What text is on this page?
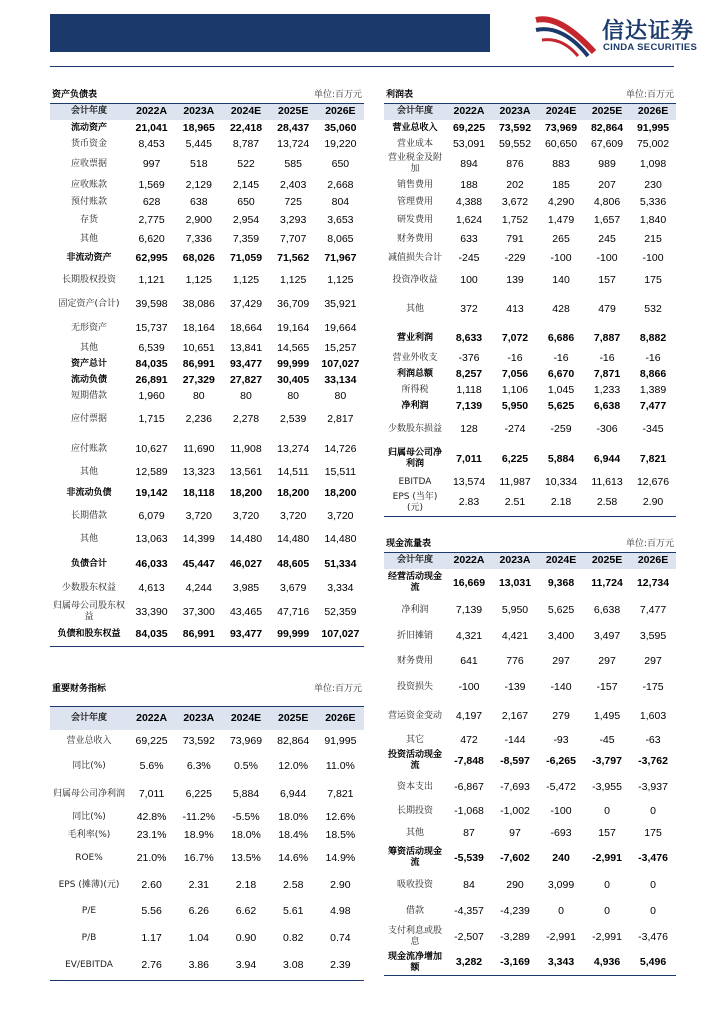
信达证券
CINDA SECURITIES
资产负债表			单位:百万元		
会计年度	2022A	2023A	2024E	2025E	2026E
流动资产	21,041	18,965	22,418	28,437	35,060
货币资金	8,453	5,445	8,787	13,724	19,220
应收票据	997	518	522	585	650
应收账款	1,569	2,129	2,145	2,403	2,668
预付账款	628	638	650	725	804
存货	2,775	2,900	2,954	3,293	3,653
其他	6,620	7,336	7,359	7,707	8,065
非流动资产	62,995	68,026	71,059	71,562	71,967
长期股权投资	1,121	1,125	1,125	1,125	1,125
固定资产(合计)	39,598	38,086	37,429	36,709	35,921
无形资产	15,737	18,164	18,664	19,164	19,664
其他	6,539	10,651	13,841	14,565	15,257
资产总计	84,035	86,991	93,477	99,999	107,027
流动负债	26,891	27,329	27,827	30,405	33,134
短期借款	1,960	80	80	80	80
应付票据	1,715	2,236	2,278	2,539	2,817
应付账款	10,627	11,690	11,908	13,274	14,726
其他	12,589	13,323	13,561	14,511	15,511
非流动负债	19,142	18,118	18,200	18,200	18,200
长期借款	6,079	3,720	3,720	3,720	3,720
其他	13,063	14,399	14,480	14,480	14,480
负债合计	46,033	45,447	46,027	48,605	51,334
少数股东权益	4,613	4,244	3,985	3,679	3,334
归属母公司股东权益	33,390	37,300	43,465	47,716	52,359
负债和股东权益	84,035	86,991	93,477	99,999	107,027
利润表			单位:百万元		
会计年度	2022A	2023A	2024E	2025E	2026E
营业总收入	69,225	73,592	73,969	82,864	91,995
营业成本	53,091	59,552	60,650	67,609	75,002
营业税金及附加	894	876	883	989	1,098
销售费用	188	202	185	207	230
管理费用	4,388	3,672	4,290	4,806	5,336
研发费用	1,624	1,752	1,479	1,657	1,840
财务费用	633	791	265	245	215
减值损失合计	-245	-229	-100	-100	-100
投资净收益	100	139	140	157	175
其他	372	413	428	479	532
营业利润	8,633	7,072	6,686	7,887	8,882
营业外收支	-376	-16	-16	-16	-16
利润总额	8,257	7,056	6,670	7,871	8,866
所得税	1,118	1,106	1,045	1,233	1,389
净利润	7,139	5,950	5,625	6,638	7,477
少数股东损益	128	-274	-259	-306	-345
归属母公司净利润	7,011	6,225	5,884	6,944	7,821
EBITDA	13,574	11,987	10,334	11,613	12,676
EPS (当年)(元)	2.83	2.51	2.18	2.58	2.90
重要财务指标			单位:百万元		
会计年度	2022A	2023A	2024E	2025E	2026E
营业总收入	69,225	73,592	73,969	82,864	91,995
同比(%)	5.6%	6.3%	0.5%	12.0%	11.0%
归属母公司净利润	7,011	6,225	5,884	6,944	7,821
同比(%)	42.8%	-11.2%	-5.5%	18.0%	12.6%
毛利率(%)	23.1%	18.9%	18.0%	18.4%	18.5%
ROE%	21.0%	16.7%	13.5%	14.6%	14.9%
EPS (摊薄)(元)	2.60	2.31	2.18	2.58	2.90
P/E	5.56	6.26	6.62	5.61	4.98
P/B	1.17	1.04	0.90	0.82	0.74
EV/EBITDA	2.76	3.86	3.94	3.08	2.39
现金流量表			单位:百万元		
会计年度	2022A	2023A	2024E	2025E	2026E
经营活动现金流	16,669	13,031	9,368	11,724	12,734
净利润	7,139	5,950	5,625	6,638	7,477
折旧摊销	4,321	4,421	3,400	3,497	3,595
财务费用	641	776	297	297	297
投资损失	-100	-139	-140	-157	-175
营运资金变动	4,197	2,167	279	1,495	1,603
其它	472	-144	-93	-45	-63
投资活动现金流	-7,848	-8,597	-6,265	-3,797	-3,762
资本支出	-6,867	-7,693	-5,472	-3,955	-3,937
长期投资	-1,068	-1,002	-100	0	0
其他	87	97	-693	157	175
筹资活动现金流	-5,539	-7,602	240	-2,991	-3,476
吸收投资	84	290	3,099	0	0
借款	-4,357	-4,239	0	0	0
支付利息或股息	-2,507	-3,289	-2,991	-2,991	-3,476
现金流净增加额	3,282	-3,169	3,343	4,936	5,496
